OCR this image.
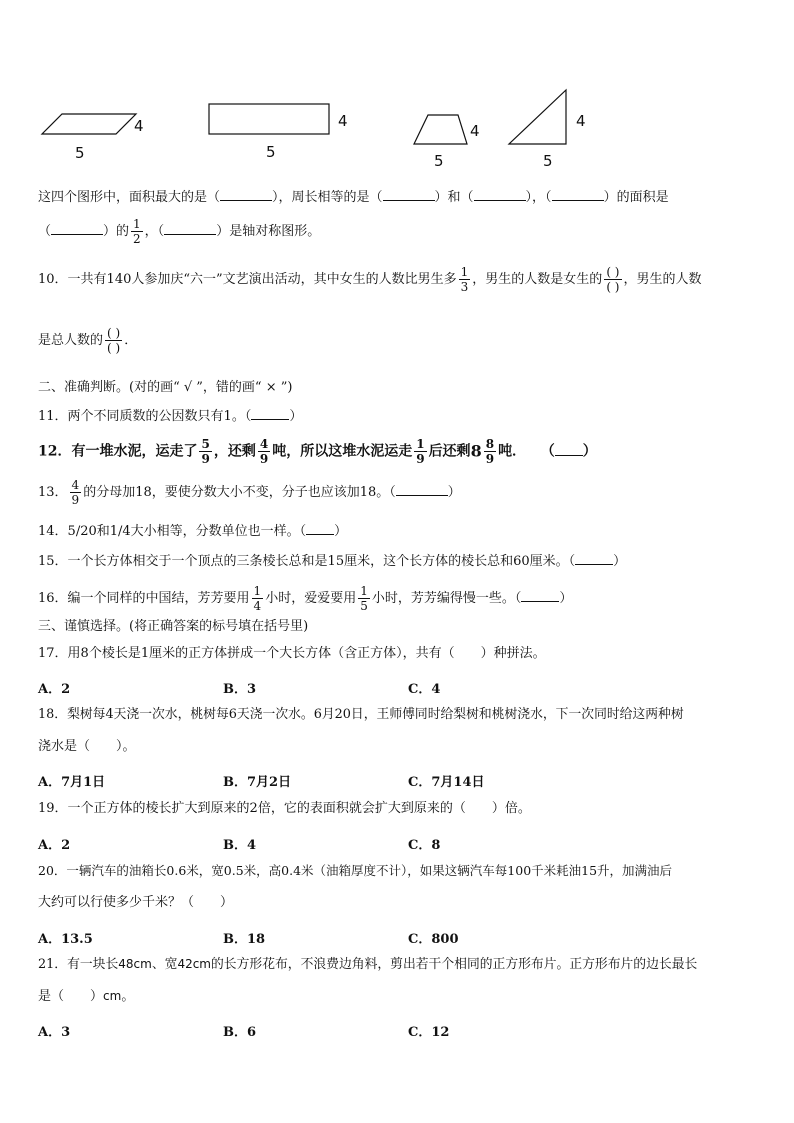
4
5
4
5
4
5
4
5
这四个图形中，面积最大的是（	），周长相等的是（	）和（	），（	）的面积是
（	）的 $\frac{1}{2}$ ，（	）是轴对称图形。
10．一共有140人参加庆“六一”文艺演出活动，其中女生的人数比男生多 $\frac{1}{3}$ ，男生的人数是女生的 $\frac{( )}{( )}$ ，男生的人数
是总人数的 $\frac{( )}{( )}$ ．
二、准确判断。(对的画“ √ ”，错的画“ × ”)
11．两个不同质数的公因数只有1。（	）
12．有一堆水泥，运走了 $\frac{5}{9}$ ，还剩 $\frac{4}{9}$ 吨，所以这堆水泥运走 $\frac{1}{9}$ 后还剩$8 \frac{8}{9}$ 吨． （ ）
13． $\frac{4}{9}$ 的分母加18，要使分数大小不变，分子也应该加18。（	）
14．5/20和1/4大小相等，分数单位也一样。（ ）
15．一个长方体相交于一个顶点的三条棱长总和是15厘米，这个长方体的棱长总和60厘米。（	）
16．编一个同样的中国结，芳芳要用 $\frac{1}{4}$ 小时，爱爱要用 $\frac{1}{5}$ 小时，芳芳编得慢一些。（	）
三、谨慎选择。(将正确答案的标号填在括号里)
17．用8个棱长是1厘米的正方体拼成一个大长方体（含正方体），共有（　　）种拼法。
A．2	B．3	C．4
18．梨树每4天浇一次水，桃树每6天浇一次水。6月20日，王师傅同时给梨树和桃树浇水，下一次同时给这两种树
浇水是（　　）。
A．7月1日	B．7月2日	C．7月14日
19．一个正方体的棱长扩大到原来的2倍，它的表面积就会扩大到原来的（　　）倍。
A．2	B．4	C．8
20．一辆汽车的油箱长0.6米，宽0.5米，高0.4米（油箱厚度不计），如果这辆汽车每100千米耗油15升，加满油后
大约可以行使多少千米？（　　）
A．13.5	B．18	C．800
21．有一块长48cm、宽42cm的长方形花布，不浪费边角料，剪出若干个相同的正方形布片。正方形布片的边长最长
是（　　）cm。
A．3	B．6	C．12
